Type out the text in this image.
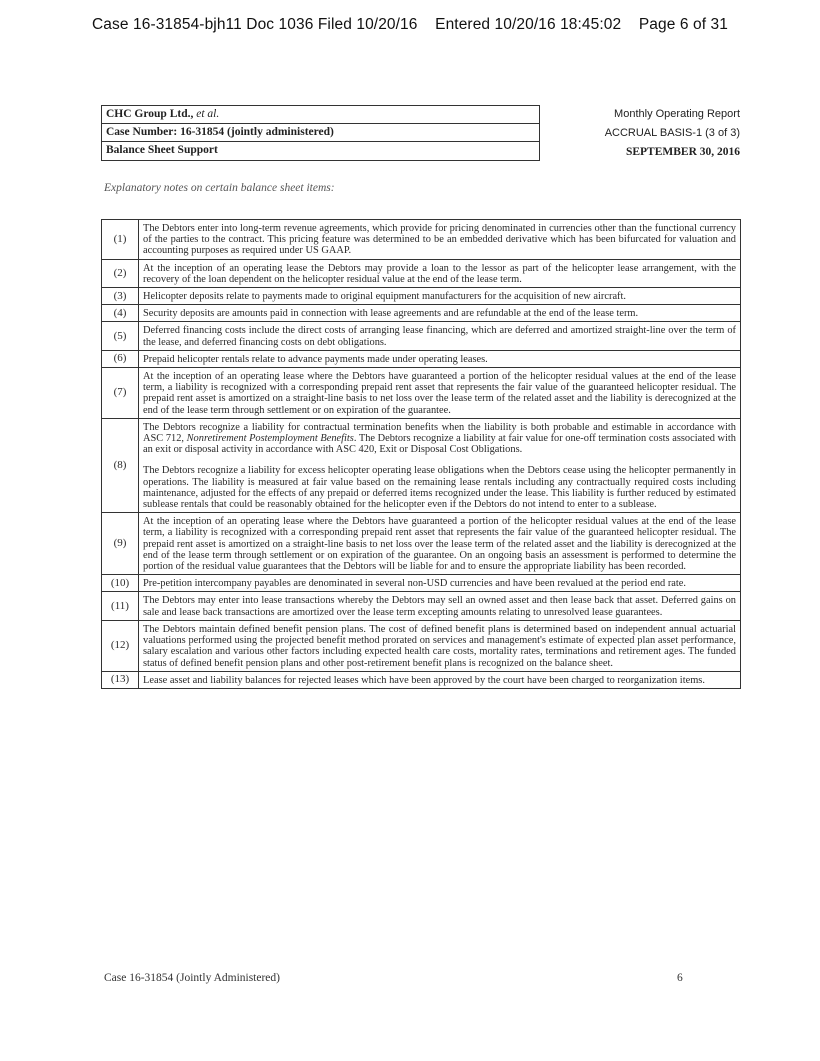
Case 16-31854-bjh11 Doc 1036 Filed 10/20/16 Entered 10/20/16 18:45:02 Page 6 of 31
CHC Group Ltd., et al.
Case Number: 16-31854 (jointly administered)
Balance Sheet Support
Monthly Operating Report
ACCRUAL BASIS-1 (3 of 3)
SEPTEMBER 30, 2016
Explanatory notes on certain balance sheet items:
(1)	The Debtors enter into long-term revenue agreements, which provide for pricing denominated in currencies other than the functional currency of the parties to the contract. This pricing feature was determined to be an embedded derivative which has been bifurcated for valuation and accounting purposes as required under US GAAP.

(2)	At the inception of an operating lease the Debtors may provide a loan to the lessor as part of the helicopter lease arrangement, with the recovery of the loan dependent on the helicopter residual value at the end of the lease term.

(3)	Helicopter deposits relate to payments made to original equipment manufacturers for the acquisition of new aircraft.

(4)	Security deposits are amounts paid in connection with lease agreements and are refundable at the end of the lease term.

(5)	Deferred financing costs include the direct costs of arranging lease financing, which are deferred and amortized straight-line over the term of the lease, and deferred financing costs on debt obligations.

(6)	Prepaid helicopter rentals relate to advance payments made under operating leases.

(7)	At the inception of an operating lease where the Debtors have guaranteed a portion of the helicopter residual values at the end of the lease term, a liability is recognized with a corresponding prepaid rent asset that represents the fair value of the guaranteed helicopter residual. The prepaid rent asset is amortized on a straight-line basis to net loss over the lease term of the related asset and the liability is derecognized at the end of the lease term through settlement or on expiration of the guarantee.

(8)	The Debtors recognize a liability for contractual termination benefits when the liability is both probable and estimable in accordance with ASC 712, Nonretirement Postemployment Benefits. The Debtors recognize a liability at fair value for one-off termination costs associated with an exit or disposal activity in accordance with ASC 420, Exit or Disposal Cost Obligations.

The Debtors recognize a liability for excess helicopter operating lease obligations when the Debtors cease using the helicopter permanently in operations. The liability is measured at fair value based on the remaining lease rentals including any contractually required costs including maintenance, adjusted for the effects of any prepaid or deferred items recognized under the lease. This liability is further reduced by estimated sublease rentals that could be reasonably obtained for the helicopter even if the Debtors do not intend to enter to a sublease.

(9)	At the inception of an operating lease where the Debtors have guaranteed a portion of the helicopter residual values at the end of the lease term, a liability is recognized with a corresponding prepaid rent asset that represents the fair value of the guaranteed helicopter residual. The prepaid rent asset is amortized on a straight-line basis to net loss over the lease term of the related asset and the liability is derecognized at the end of the lease term through settlement or on expiration of the guarantee. On an ongoing basis an assessment is performed to determine the portion of the residual value guarantees that the Debtors will be liable for and to ensure the appropriate liability has been recorded.

(10)	Pre-petition intercompany payables are denominated in several non-USD currencies and have been revalued at the period end rate.

(11)	The Debtors may enter into lease transactions whereby the Debtors may sell an owned asset and then lease back that asset. Deferred gains on sale and lease back transactions are amortized over the lease term excepting amounts relating to unresolved lease guarantees.

(12)	The Debtors maintain defined benefit pension plans. The cost of defined benefit plans is determined based on independent annual actuarial valuations performed using the projected benefit method prorated on services and management's estimate of expected plan asset performance, salary escalation and various other factors including expected health care costs, mortality rates, terminations and retirement ages. The funded status of defined benefit pension plans and other post-retirement benefit plans is recognized on the balance sheet.

(13)	Lease asset and liability balances for rejected leases which have been approved by the court have been charged to reorganization items.

Case 16-31854 (Jointly Administered)	6
